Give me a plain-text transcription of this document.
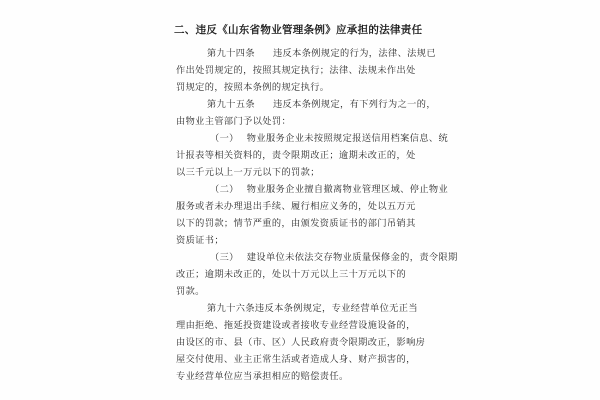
二、违反《山东省物业管理条例》应承担的法律责任
第九十四条 违反本条例规定的行为，法律、法规已
作出处罚规定的，按照其规定执行；法律、法规未作出处
罚规定的，按照本条例的规定执行。
第九十五条 违反本条例规定，有下列行为之一的，
由物业主管部门予以处罚：
（一） 物业服务企业未按照规定报送信用档案信息、统
计报表等相关资料的，责令限期改正；逾期未改正的，处
以三千元以上一万元以下的罚款；
（二） 物业服务企业擅自撤离物业管理区域、停止物业
服务或者未办理退出手续、履行相应义务的，处以五万元
以下的罚款；情节严重的，由颁发资质证书的部门吊销其
资质证书；
（三） 建设单位未依法交存物业质量保修金的，责令限期
改正；逾期未改正的，处以十万元以上三十万元以下的
罚款。
第九十六条违反本条例规定，专业经营单位无正当
理由拒绝、拖延投资建设或者接收专业经营设施设备的，
由设区的市、县（市、区）人民政府责令限期改正，影响房
屋交付使用、业主正常生活或者造成人身、财产损害的，
专业经营单位应当承担相应的赔偿责任。
